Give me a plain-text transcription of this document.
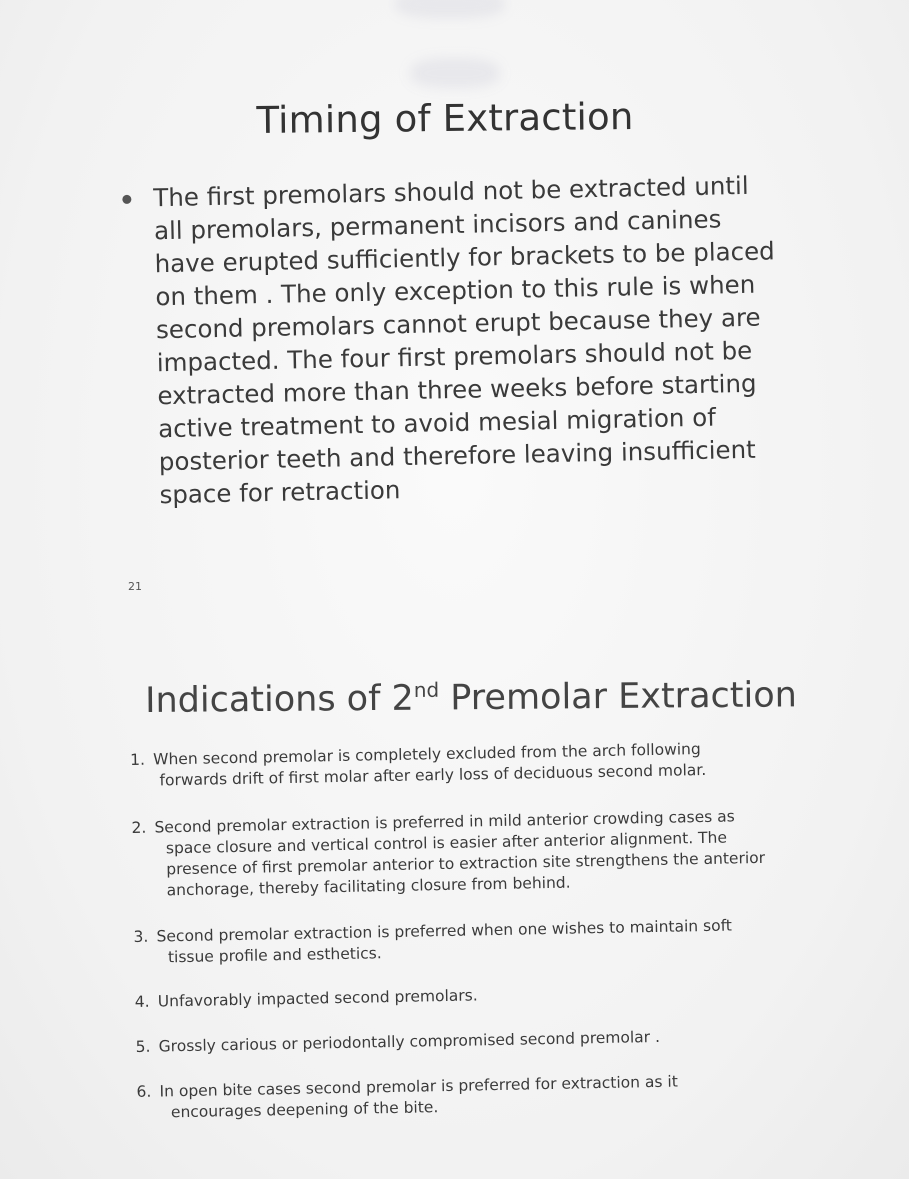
Timing of Extraction
The first premolars should not be extracted until all premolars, permanent incisors and canines have erupted sufficiently for brackets to be placed on them . The only exception to this rule is when second premolars cannot erupt because they are impacted. The four first premolars should not be extracted more than three weeks before starting active treatment to avoid mesial migration of posterior teeth and therefore leaving insufficient space for retraction
21
Indications of 2nd Premolar Extraction
1. When second premolar is completely excluded from the arch following
forwards drift of first molar after early loss of deciduous second molar.
2. Second premolar extraction is preferred in mild anterior crowding cases as
space closure and vertical control is easier after anterior alignment. The presence of first premolar anterior to extraction site strengthens the anterior anchorage, thereby facilitating closure from behind.
3. Second premolar extraction is preferred when one wishes to maintain soft
tissue profile and esthetics.
4. Unfavorably impacted second premolars.
5. Grossly carious or periodontally compromised second premolar .
6. In open bite cases second premolar is preferred for extraction as it
encourages deepening of the bite.
